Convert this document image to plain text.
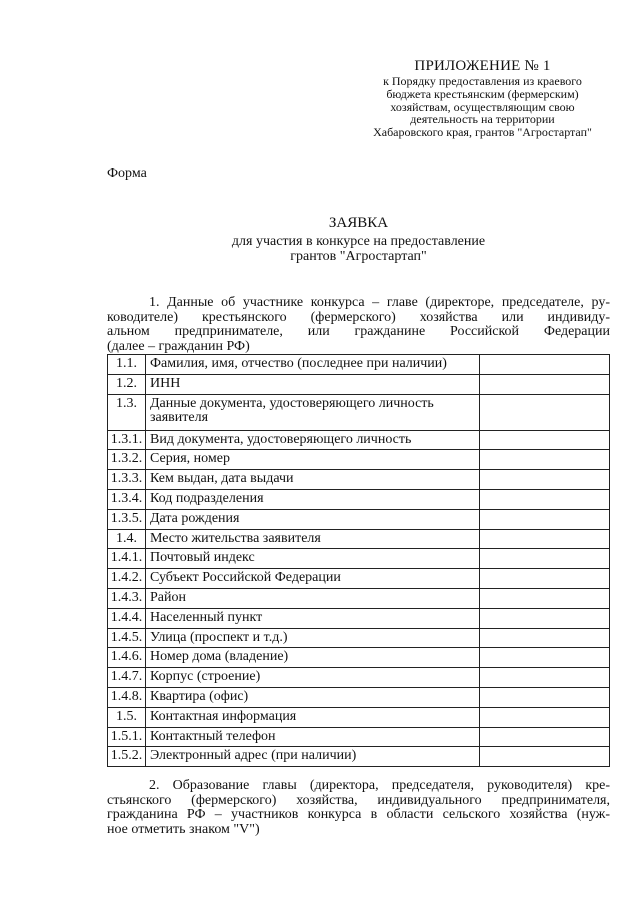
ПРИЛОЖЕНИЕ № 1
к Порядку предоставления из краевого
бюджета крестьянским (фермерским)
хозяйствам, осуществляющим свою
деятельность на территории
Хабаровского края, грантов "Агростартап"
Форма
ЗАЯВКА
для участия в конкурсе на предоставление
грантов "Агростартап"
1. Данные об участнике конкурса – главе (директоре, председателе, ру-
ководителе) крестьянского (фермерского) хозяйства или индивиду-
альном предпринимателе, или гражданине Российской Федерации
(далее – гражданин РФ)
1.1.	Фамилия, имя, отчество (последнее при наличии)	
1.2.	ИНН	
1.3.	Данные документа, удостоверяющего личность заявителя	
1.3.1.	Вид документа, удостоверяющего личность	
1.3.2.	Серия, номер	
1.3.3.	Кем выдан, дата выдачи	
1.3.4.	Код подразделения	
1.3.5.	Дата рождения	
1.4.	Место жительства заявителя	
1.4.1.	Почтовый индекс	
1.4.2.	Субъект Российской Федерации	
1.4.3.	Район	
1.4.4.	Населенный пункт	
1.4.5.	Улица (проспект и т.д.)	
1.4.6.	Номер дома (владение)	
1.4.7.	Корпус (строение)	
1.4.8.	Квартира (офис)	
1.5.	Контактная информация	
1.5.1.	Контактный телефон	
1.5.2.	Электронный адрес (при наличии)	
2. Образование главы (директора, председателя, руководителя) кре-
стьянского (фермерского) хозяйства, индивидуального предпринимателя,
гражданина РФ – участников конкурса в области сельского хозяйства (нуж-
ное отметить знаком "V")
